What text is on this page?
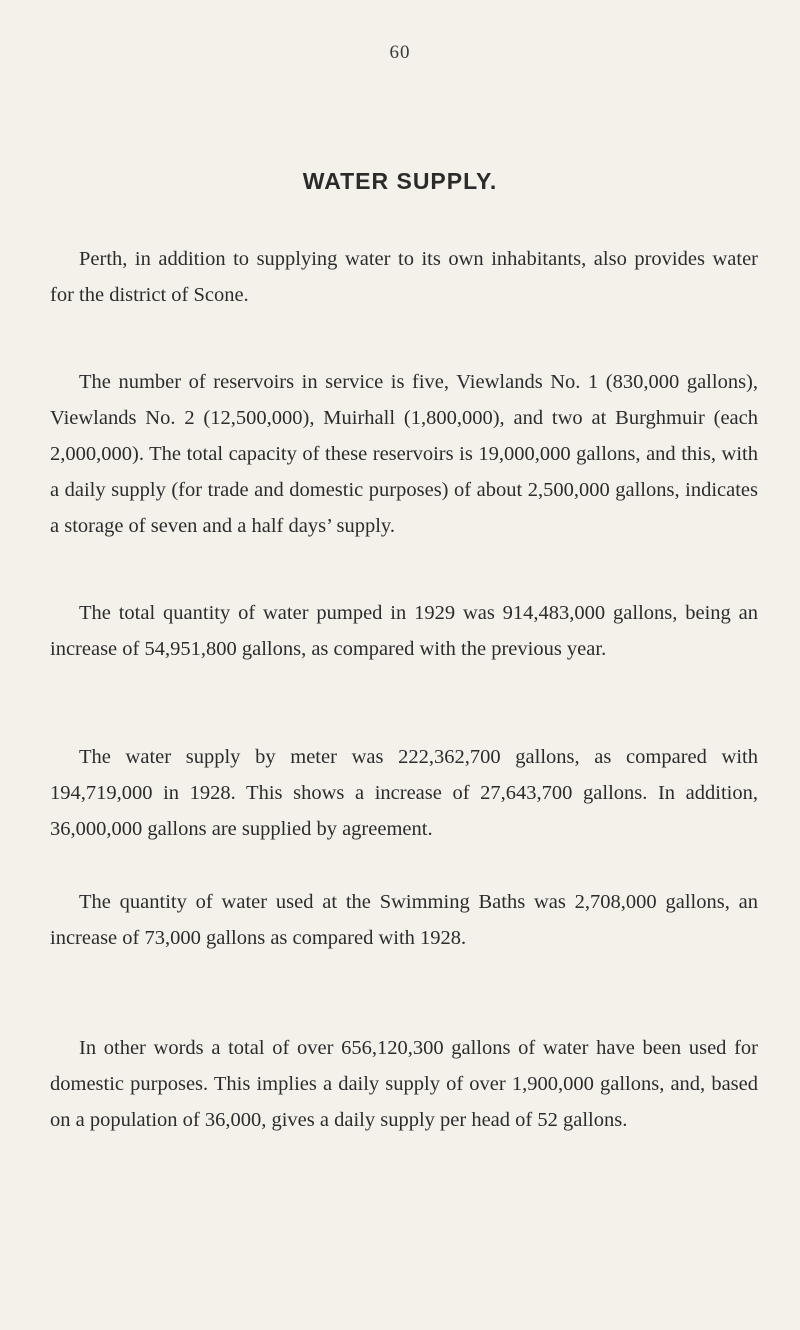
60
WATER SUPPLY.

Perth, in addition to supplying water to its own inhabitants, also provides water for the district of Scone.

The number of reservoirs in service is five, Viewlands No. 1 (830,000 gallons), Viewlands No. 2 (12,500,000), Muirhall (1,800,000), and two at Burghmuir (each 2,000,000). The total capacity of these reservoirs is 19,000,000 gallons, and this, with a daily supply (for trade and domestic purposes) of about 2,500,000 gallons, indicates a storage of seven and a half days’ supply.

The total quantity of water pumped in 1929 was 914,483,000 gallons, being an increase of 54,951,800 gallons, as compared with the previous year.

The water supply by meter was 222,362,700 gallons, as compared with 194,719,000 in 1928. This shows a increase of 27,643,700 gallons. In addition, 36,000,000 gallons are supplied by agreement.

The quantity of water used at the Swimming Baths was 2,708,000 gallons, an increase of 73,000 gallons as compared with 1928.

In other words a total of over 656,120,300 gallons of water have been used for domestic purposes. This implies a daily supply of over 1,900,000 gallons, and, based on a population of 36,000, gives a daily supply per head of 52 gallons.
